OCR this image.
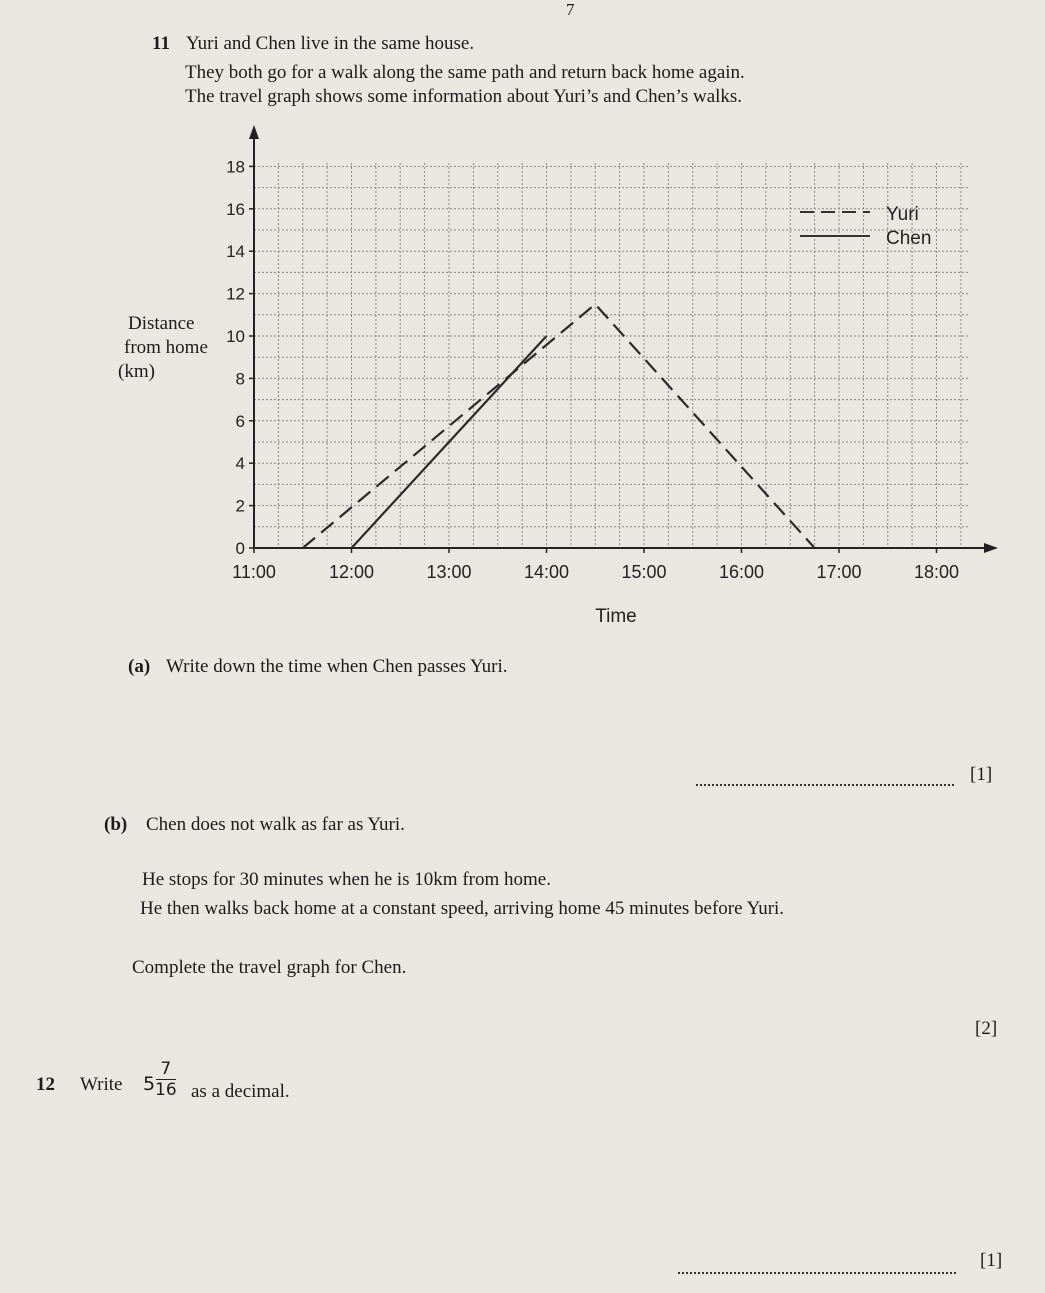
7
11 Yuri and Chen live in the same house.
They both go for a walk along the same path and return back home again.
The travel graph shows some information about Yuri’s and Chen’s walks.
Distance
from home
(km)
0
2
4
6
8
10
12
14
16
18
11:00	12:00	13:00	14:00	15:00	16:00	17:00	18:00
Yuri
Chen
Time
(a) Write down the time when Chen passes Yuri.
[1]
(b) Chen does not walk as far as Yuri.
He stops for 30 minutes when he is 10km from home.
He then walks back home at a constant speed, arriving home 45 minutes before Yuri.
Complete the travel graph for Chen.
[2]
12 Write 5
7
16 as a decimal.
[1]
